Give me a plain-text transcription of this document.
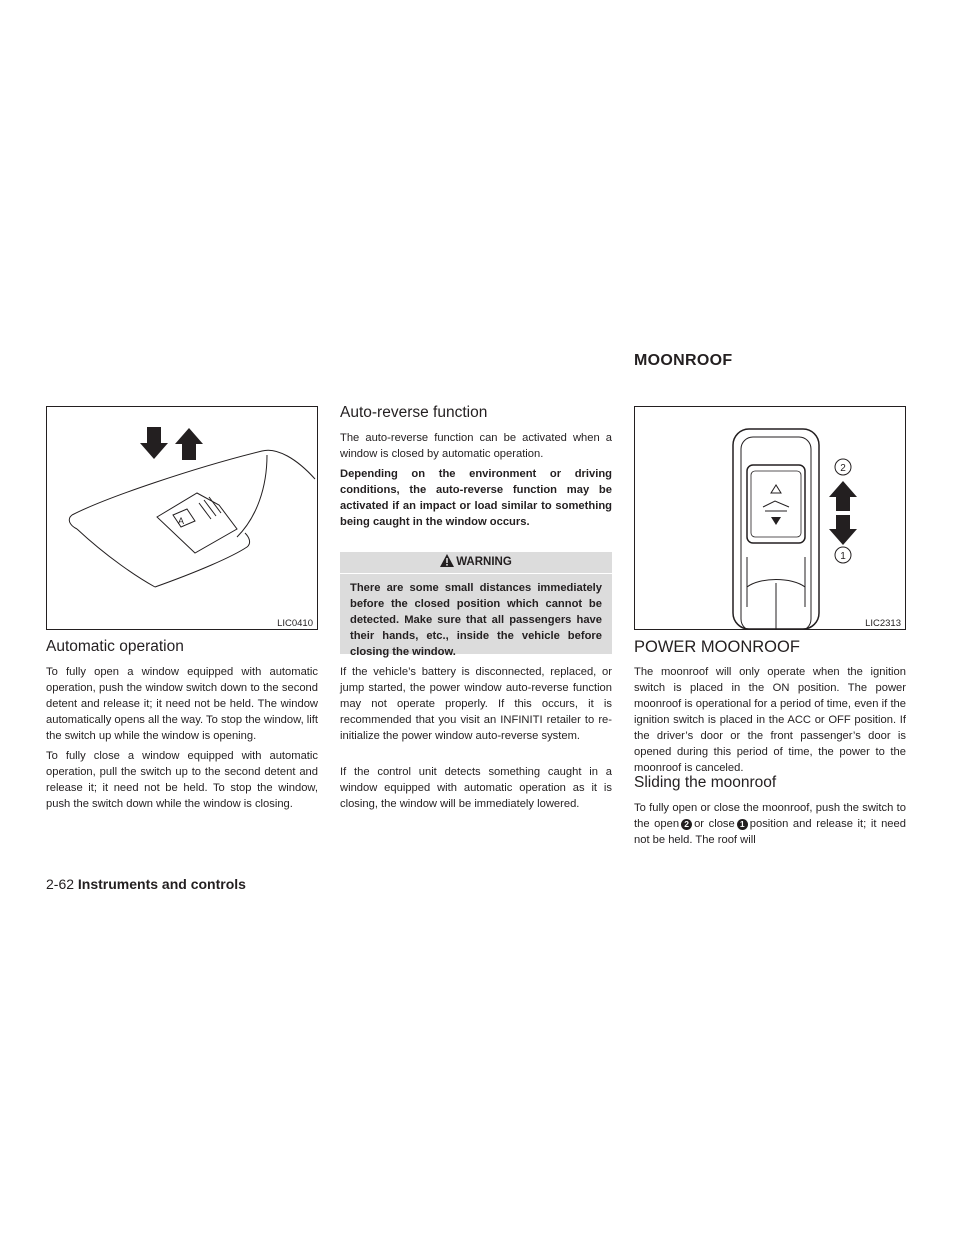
MOONROOF
A
LIC0410
Automatic operation

To fully open a window equipped with automatic operation, push the window switch down to the second detent and release it; it need not be held. The window automatically opens all the way. To stop the window, lift the switch up while the window is opening.

To fully close a window equipped with automatic operation, pull the switch up to the second detent and release it; it need not be held. To stop the window, push the switch down while the window is closing.

Auto-reverse function

The auto-reverse function can be activated when a window is closed by automatic operation.

Depending on the environment or driving conditions, the auto-reverse function may be activated if an impact or load similar to something being caught in the window occurs.

WARNING
There are some small distances immediately before the closed position which cannot be detected. Make sure that all passengers have their hands, etc., inside the vehicle before closing the window.

If the vehicle’s battery is disconnected, replaced, or jump started, the power window auto-reverse function may not operate properly. If this occurs, it is recommended that you visit an INFINITI retailer to re-initialize the power window auto-reverse system.

If the control unit detects something caught in a window equipped with automatic operation as it is closing, the window will be immediately lowered.

2
1
LIC2313
POWER MOONROOF

The moonroof will only operate when the ignition switch is placed in the ON position. The power moonroof is operational for a period of time, even if the ignition switch is placed in the ACC or OFF position. If the driver’s door or the front passenger’s door is opened during this period of time, the power to the moonroof is canceled.

Sliding the moonroof

To fully open or close the moonroof, push the switch to the open 2 or close 1 position and release it; it need not be held. The roof will

2-62 Instruments and controls
